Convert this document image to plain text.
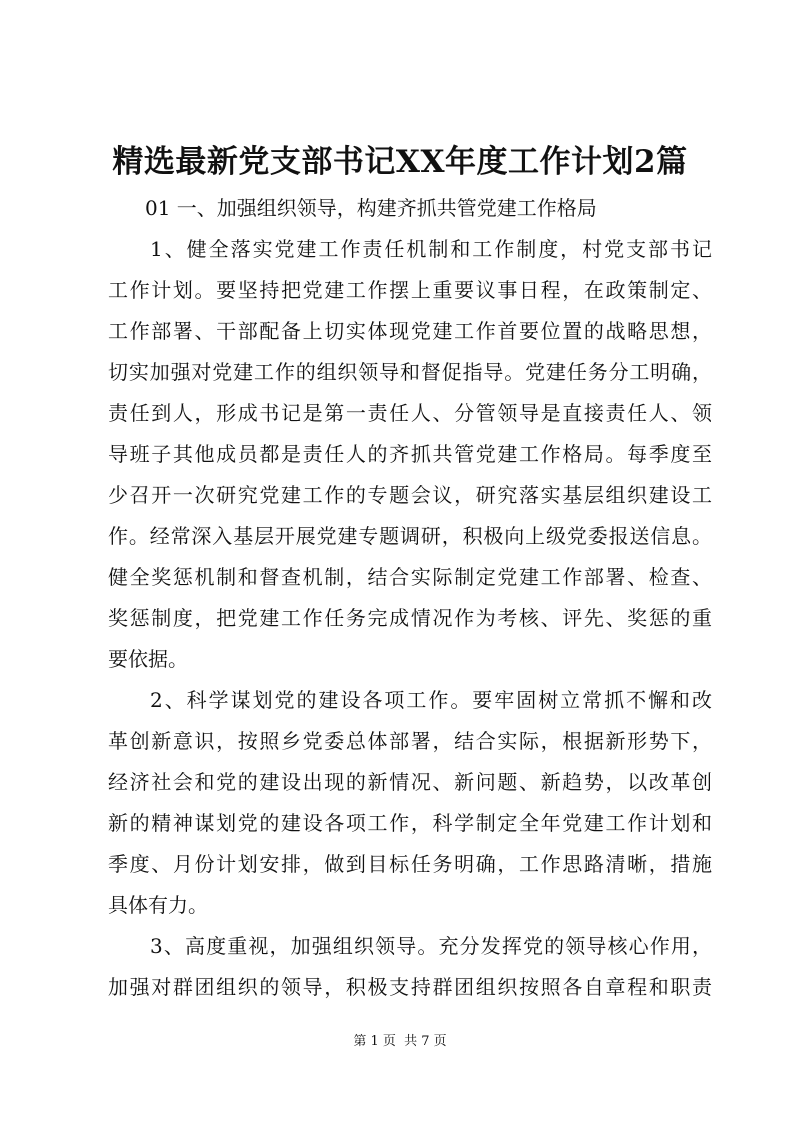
精选最新党支部书记XX年度工作计划2篇
01 一、加强组织领导，构建齐抓共管党建工作格局
1、健全落实党建工作责任机制和工作制度，村党支部书记
工作计划。要坚持把党建工作摆上重要议事日程，在政策制定、
工作部署、干部配备上切实体现党建工作首要位置的战略思想，
切实加强对党建工作的组织领导和督促指导。党建任务分工明确，
责任到人，形成书记是第一责任人、分管领导是直接责任人、领
导班子其他成员都是责任人的齐抓共管党建工作格局。每季度至
少召开一次研究党建工作的专题会议，研究落实基层组织建设工
作。经常深入基层开展党建专题调研，积极向上级党委报送信息。
健全奖惩机制和督查机制，结合实际制定党建工作部署、检查、
奖惩制度，把党建工作任务完成情况作为考核、评先、奖惩的重
要依据。
2、科学谋划党的建设各项工作。要牢固树立常抓不懈和改
革创新意识，按照乡党委总体部署，结合实际，根据新形势下，
经济社会和党的建设出现的新情况、新问题、新趋势，以改革创
新的精神谋划党的建设各项工作，科学制定全年党建工作计划和
季度、月份计划安排，做到目标任务明确，工作思路清晰，措施
具体有力。
3、高度重视，加强组织领导。充分发挥党的领导核心作用，
加强对群团组织的领导，积极支持群团组织按照各自章程和职责
第 1 页  共 7 页
